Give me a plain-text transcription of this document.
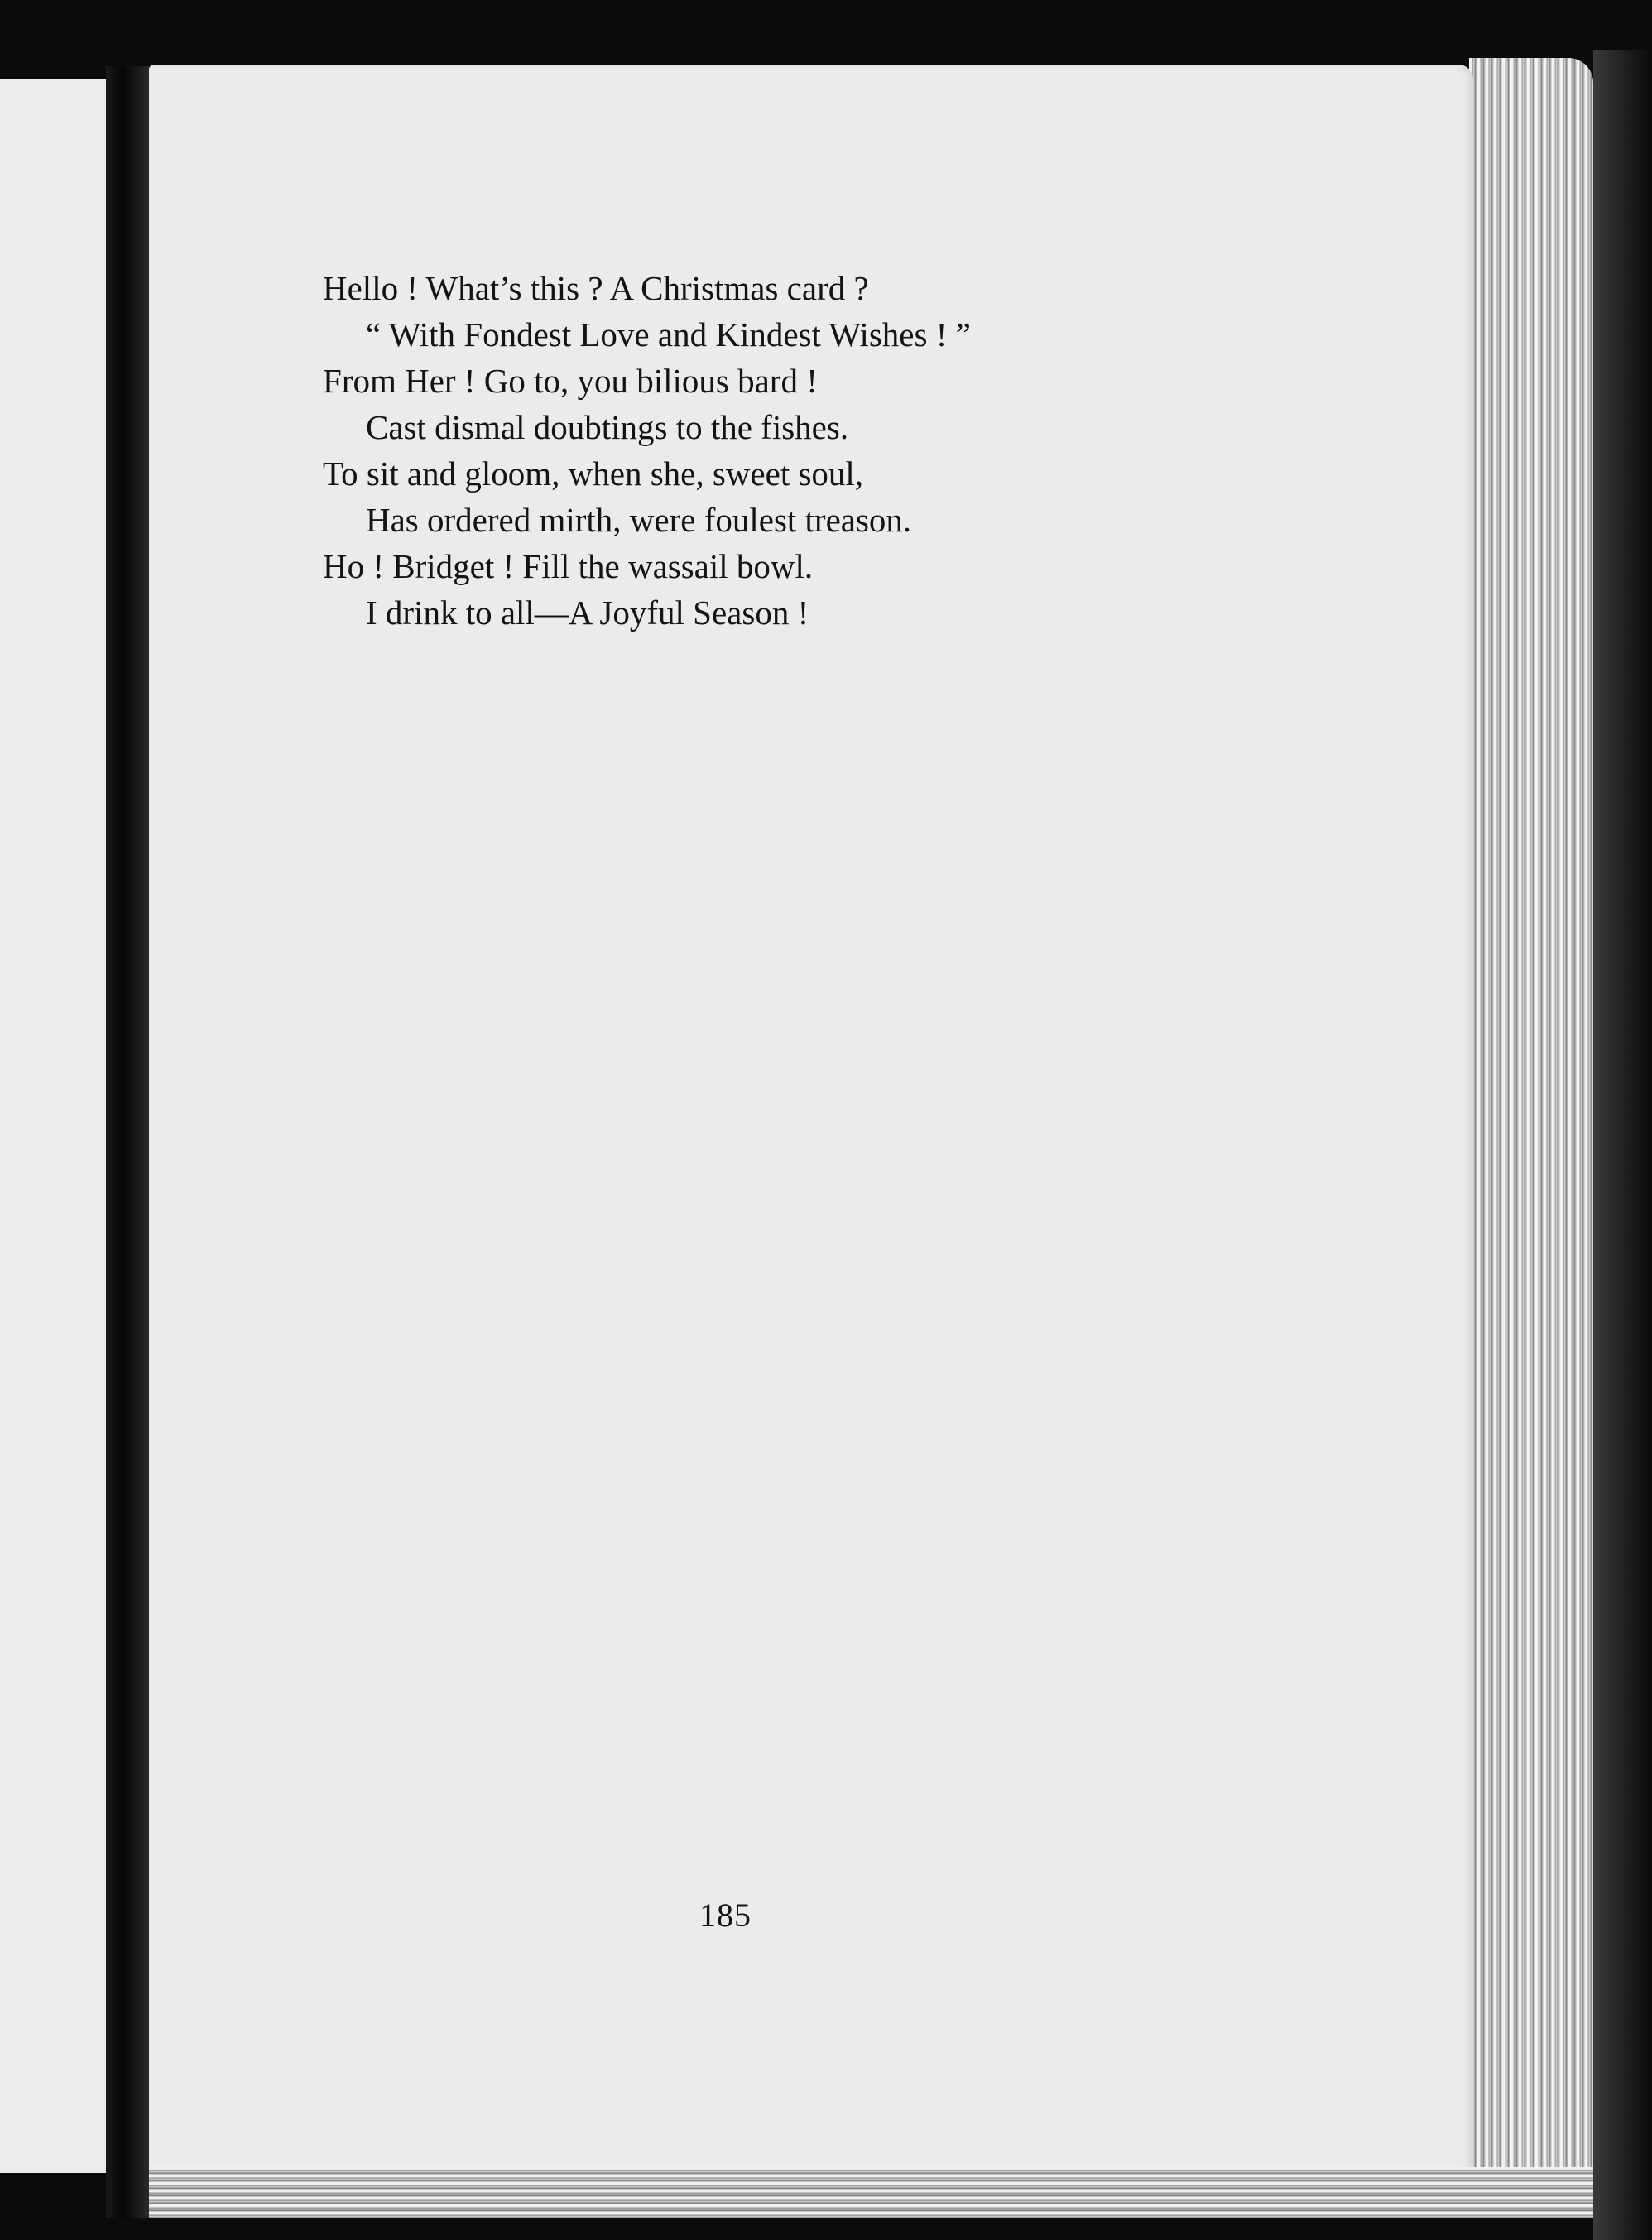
Hello ! What’s this ? A Christmas card ?
“ With Fondest Love and Kindest Wishes ! ”
From Her ! Go to, you bilious bard !
Cast dismal doubtings to the fishes.
To sit and gloom, when she, sweet soul,
Has ordered mirth, were foulest treason.
Ho ! Bridget ! Fill the wassail bowl.
I drink to all—A Joyful Season !
185
